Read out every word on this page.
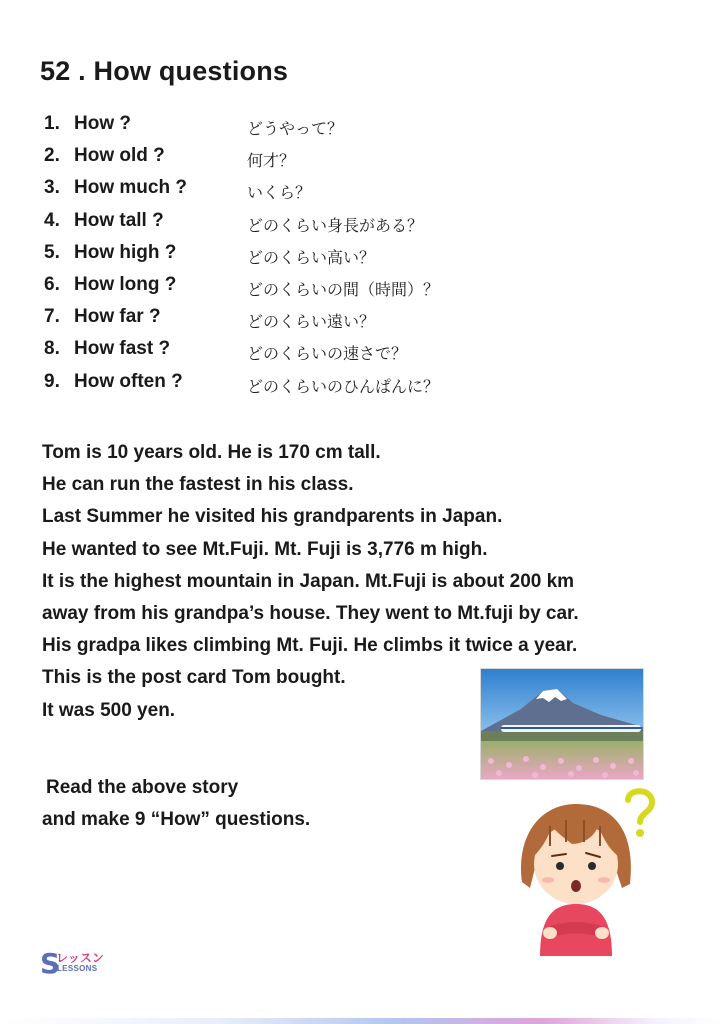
52 . How questions
1. How ?	どうやって？
2. How old ?	何才？
3. How much ?	いくら？
4. How tall ?	どのくらい身長がある？
5. How high ?	どのくらい高い？
6. How long ?	どのくらいの間（時間）？
7. How far ?	どのくらい遠い？
8. How fast ?	どのくらいの速さで？
9. How often ?	どのくらいのひんぱんに？
Tom is 10 years old. He is 170 cm tall.
He can run the fastest in his class.
Last Summer he visited his grandparents in Japan.
He wanted to see Mt.Fuji. Mt. Fuji is 3,776 m high.
It is the highest mountain in Japan. Mt.Fuji is about 200 km
away from his grandpa’s house. They went to Mt.fuji by car.
His gradpa likes climbing Mt. Fuji. He climbs it twice a year.
This is the post card Tom bought.
It was 500 yen.
Read the above story
and make 9 “How” questions.
S
レッスン
LESSONS
